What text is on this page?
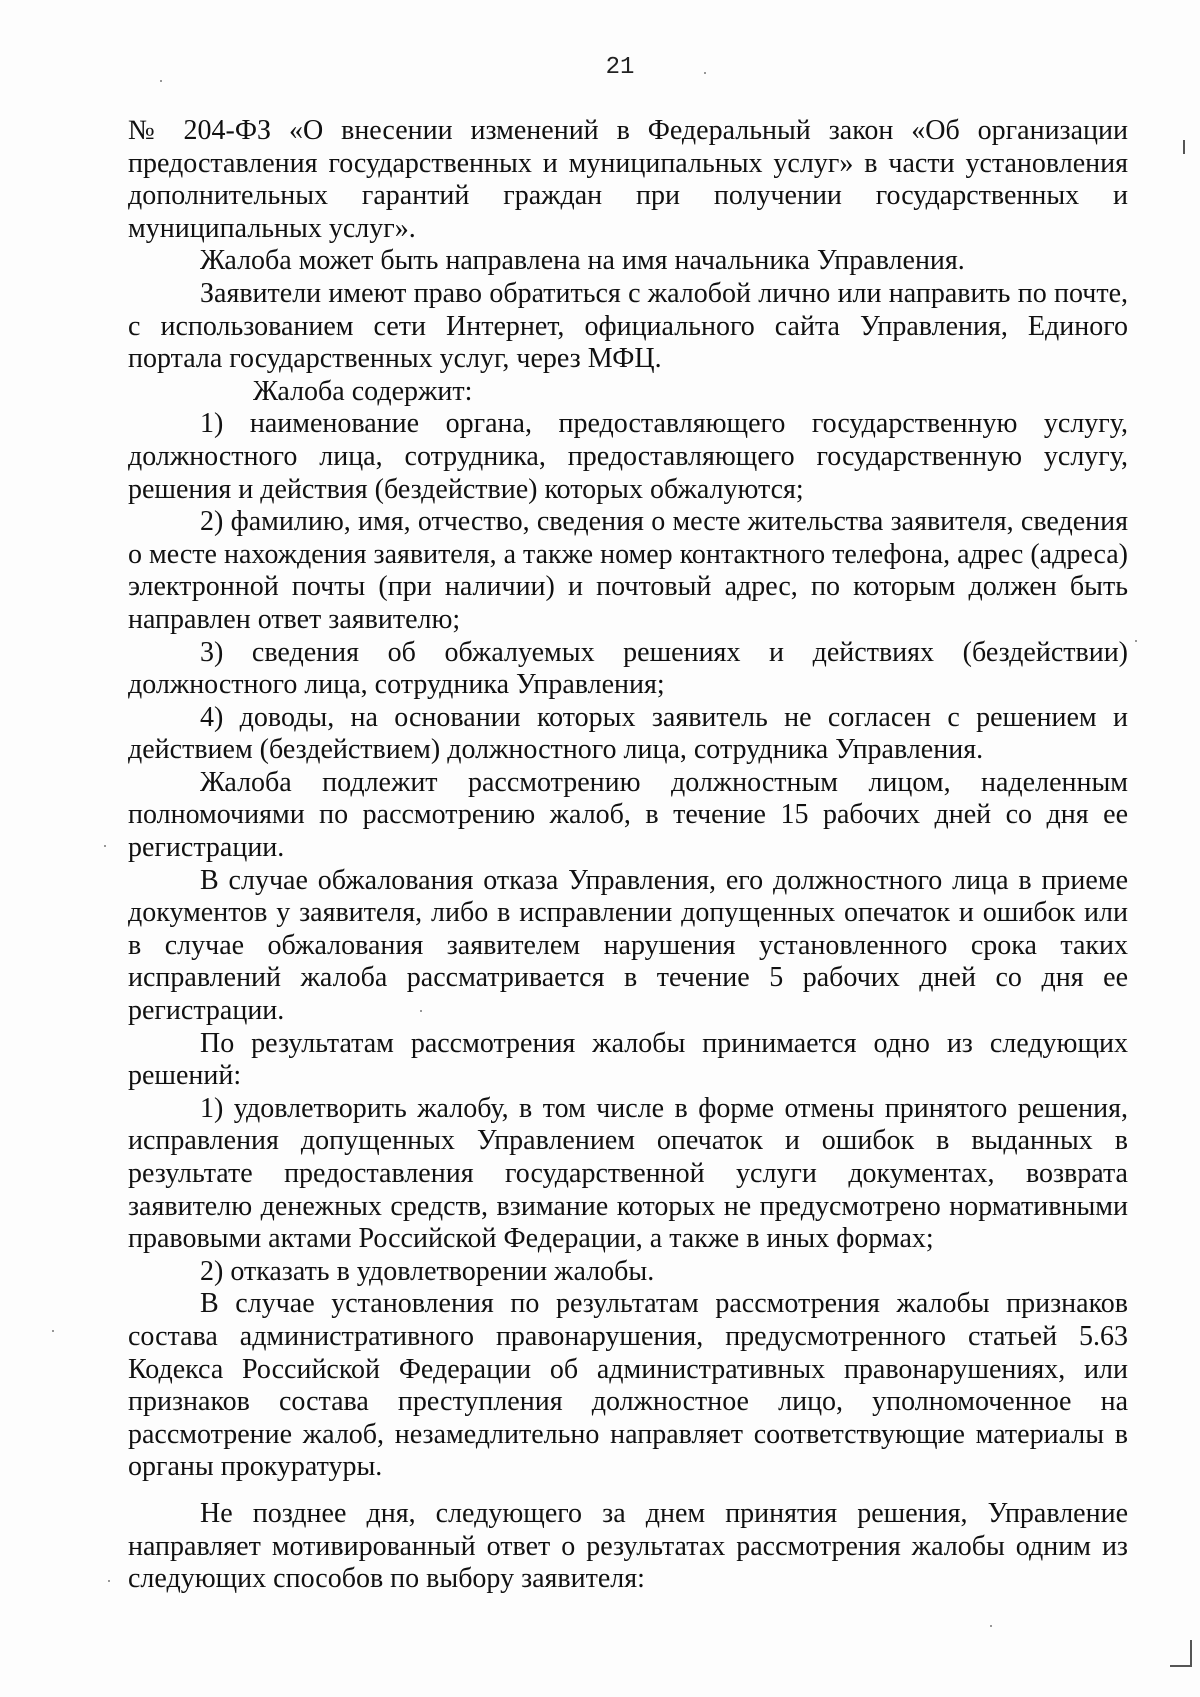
21

№ 204-ФЗ «О внесении изменений в Федеральный закон «Об организации предоставления государственных и муниципальных услуг» в части установления дополнительных гарантий граждан при получении государственных и муниципальных услуг».

Жалоба может быть направлена на имя начальника Управления.

Заявители имеют право обратиться с жалобой лично или направить по почте, с использованием сети Интернет, официального сайта Управления, Единого портала государственных услуг, через МФЦ.

Жалоба содержит:

1) наименование органа, предоставляющего государственную услугу, должностного лица, сотрудника, предоставляющего государственную услугу, решения и действия (бездействие) которых обжалуются;

2) фамилию, имя, отчество, сведения о месте жительства заявителя, сведения о месте нахождения заявителя, а также номер контактного телефона, адрес (адреса) электронной почты (при наличии) и почтовый адрес, по которым должен быть направлен ответ заявителю;

3) сведения об обжалуемых решениях и действиях (бездействии) должностного лица, сотрудника Управления;

4) доводы, на основании которых заявитель не согласен с решением и действием (бездействием) должностного лица, сотрудника Управления.

Жалоба подлежит рассмотрению должностным лицом, наделенным полномочиями по рассмотрению жалоб, в течение 15 рабочих дней со дня ее регистрации.

В случае обжалования отказа Управления, его должностного лица в приеме документов у заявителя, либо в исправлении допущенных опечаток и ошибок или в случае обжалования заявителем нарушения установленного срока таких исправлений жалоба рассматривается в течение 5 рабочих дней со дня ее регистрации.

По результатам рассмотрения жалобы принимается одно из следующих решений:

1) удовлетворить жалобу, в том числе в форме отмены принятого решения, исправления допущенных Управлением опечаток и ошибок в выданных в результате предоставления государственной услуги документах, возврата заявителю денежных средств, взимание которых не предусмотрено нормативными правовыми актами Российской Федерации, а также в иных формах;

2) отказать в удовлетворении жалобы.

В случае установления по результатам рассмотрения жалобы признаков состава административного правонарушения, предусмотренного статьей 5.63 Кодекса Российской Федерации об административных правонарушениях, или признаков состава преступления должностное лицо, уполномоченное на рассмотрение жалоб, незамедлительно направляет соответствующие материалы в органы прокуратуры.

Не позднее дня, следующего за днем принятия решения, Управление направляет мотивированный ответ о результатах рассмотрения жалобы одним из следующих способов по выбору заявителя:
